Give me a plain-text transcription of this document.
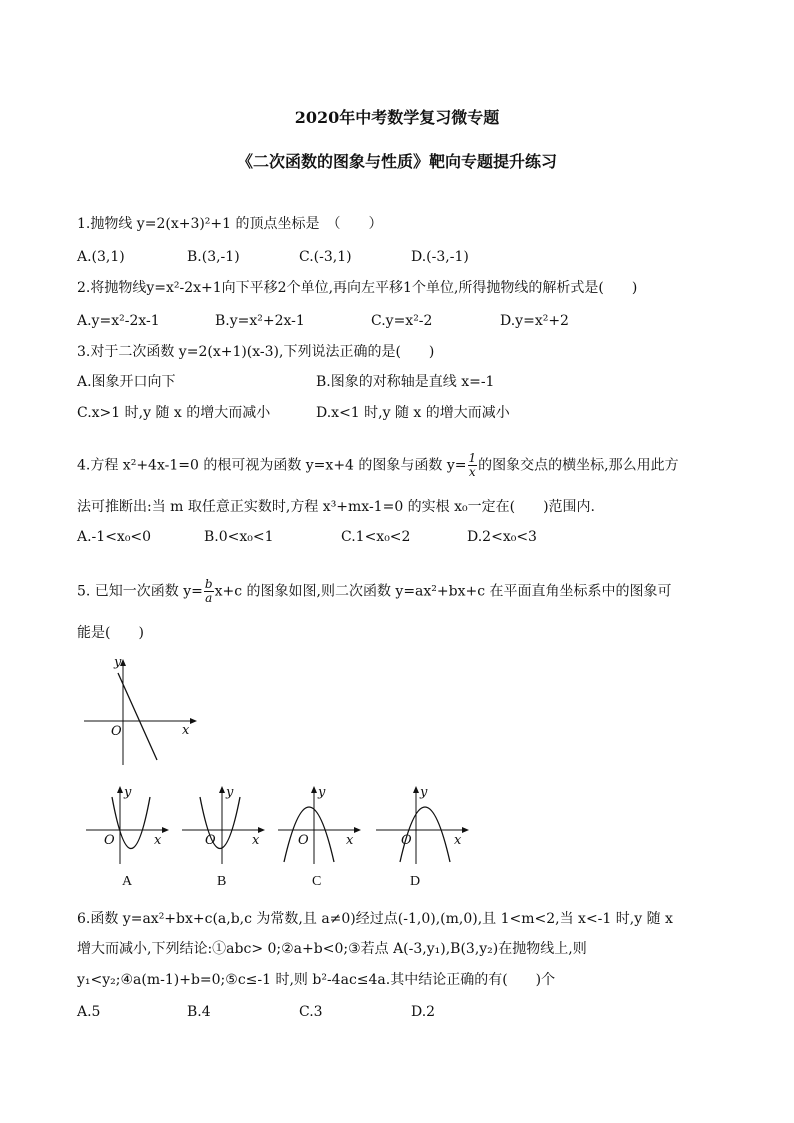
2020年中考数学复习微专题
《二次函数的图象与性质》靶向专题提升练习
1.抛物线 y=2(x+3)²+1 的顶点坐标是　（　　）
A.(3,1)	B.(3,-1)	C.(-3,1)	D.(-3,-1)
2.将抛物线y=x²-2x+1向下平移2个单位,再向左平移1个单位,所得抛物线的解析式是(　　)
A.y=x²-2x-1	B.y=x²+2x-1	C.y=x²-2	D.y=x²+2
3.对于二次函数 y=2(x+1)(x-3),下列说法正确的是(　　)
A.图象开口向下	B.图象的对称轴是直线 x=-1
C.x>1 时,y 随 x 的增大而减小	D.x<1 时,y 随 x 的增大而减小
4.方程 x²+4x-1=0 的根可视为函数 y=x+4 的图象与函数 $y= \frac{1}{x}$ 的图象交点的横坐标,那么用此方
法可推断出:当 m 取任意正实数时,方程 x³+mx-1=0 的实根 x₀一定在(　　)范围内.
A.-1<x₀<0	B.0<x₀<1	C.1<x₀<2	D.2<x₀<3
5. 已知一次函数 $y= \frac{b}{a} x+c$ 的图象如图,则二次函数 y=ax²+bx+c 在平面直角坐标系中的图象可
能是(　　)
y
x
O
y
x
O
A
y
x
O
B
y
x
O
C
y
x
O
D
6.函数 y=ax²+bx+c(a,b,c 为常数,且 a≠0)经过点(-1,0),(m,0),且 1<m<2,当 x<-1 时,y 随 x
增大而减小,下列结论:①abc> 0;②a+b<0;③若点 A(-3,y₁),B(3,y₂)在抛物线上,则
y₁<y₂;④a(m-1)+b=0;⑤c≤-1 时,则 b²-4ac≤4a.其中结论正确的有(　　)个
A.5	B.4	C.3	D.2
